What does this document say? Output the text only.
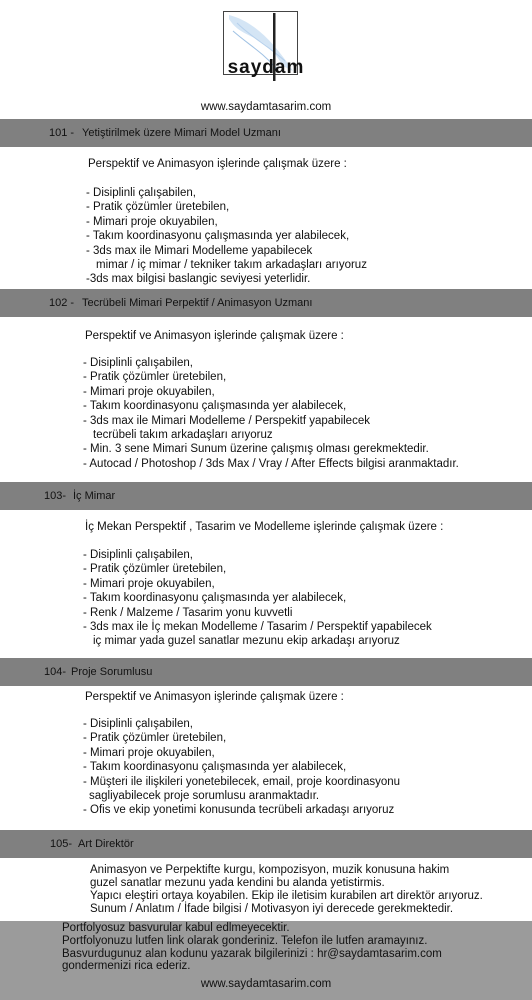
saydam
www.saydamtasarim.com
101 - Yetiştirilmek üzere Mimari Model Uzmanı
Perspektif ve Animasyon işlerinde çalışmak üzere :
- Disiplinli çalışabilen,
- Pratik çözümler üretebilen,
- Mimari proje okuyabilen,
- Takım koordinasyonu çalışmasında yer alabilecek,
- 3ds max ile Mimari Modelleme yapabilecek
mimar / iç mimar / tekniker takım arkadaşları arıyoruz
-3ds max bilgisi baslangic seviyesi yeterlidir.
102 - Tecrübeli Mimari Perpektif / Animasyon Uzmanı
Perspektif ve Animasyon işlerinde çalışmak üzere :
- Disiplinli çalışabilen,
- Pratik çözümler üretebilen,
- Mimari proje okuyabilen,
- Takım koordinasyonu çalışmasında yer alabilecek,
- 3ds max ile Mimari Modelleme / Perspekitf yapabilecek
tecrübeli takım arkadaşları arıyoruz
- Min. 3 sene Mimari Sunum üzerine çalışmış olması gerekmektedir.
- Autocad / Photoshop / 3ds Max / Vray / After Effects bilgisi aranmaktadır.
103- İç Mimar
İç Mekan Perspektif , Tasarim ve Modelleme işlerinde çalışmak üzere :
- Disiplinli çalışabilen,
- Pratik çözümler üretebilen,
- Mimari proje okuyabilen,
- Takım koordinasyonu çalışmasında yer alabilecek,
- Renk / Malzeme / Tasarim yonu kuvvetli
- 3ds max ile İç mekan Modelleme / Tasarim / Perspektif yapabilecek
iç mimar yada guzel sanatlar mezunu ekip arkadaşı arıyoruz
104- Proje Sorumlusu
Perspektif ve Animasyon işlerinde çalışmak üzere :
- Disiplinli çalışabilen,
- Pratik çözümler üretebilen,
- Mimari proje okuyabilen,
- Takım koordinasyonu çalışmasında yer alabilecek,
- Müşteri ile ilişkileri yonetebilecek, email, proje koordinasyonu
sagliyabilecek proje sorumlusu aranmaktadır.
- Ofis ve ekip yonetimi konusunda tecrübeli arkadaşı arıyoruz
105- Art Direktör
Animasyon ve Perpektifte kurgu, kompozisyon, muzik konusuna hakim
guzel sanatlar mezunu yada kendini bu alanda yetistirmis.
Yapıcı eleştiri ortaya koyabilen. Ekip ile iletisim kurabilen art direktör arıyoruz.
Sunum / Anlatım / İfade bilgisi / Motivasyon iyi derecede gerekmektedir.
Portfolyosuz basvurular kabul edlmeyecektir.
Portfolyonuzu lutfen link olarak gonderiniz. Telefon ile lutfen aramayınız.
Basvurdugunuz alan kodunu yazarak bilgilerinizi : hr@saydamtasarim.com
gondermenizi rica ederiz.
www.saydamtasarim.com
